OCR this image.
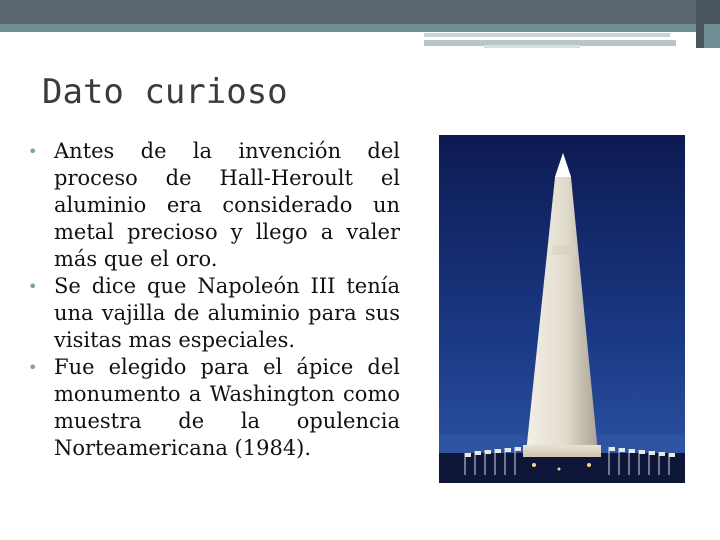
Dato curioso
• Antes de la invención del proceso de Hall-Heroult el aluminio era considerado un metal precioso y llego a valer más que el oro.
• Se dice que Napoleón III tenía una vajilla de aluminio para sus visitas mas especiales.
• Fue elegido para el ápice del monumento a Washington como muestra de la opulencia Norteamericana (1984).
